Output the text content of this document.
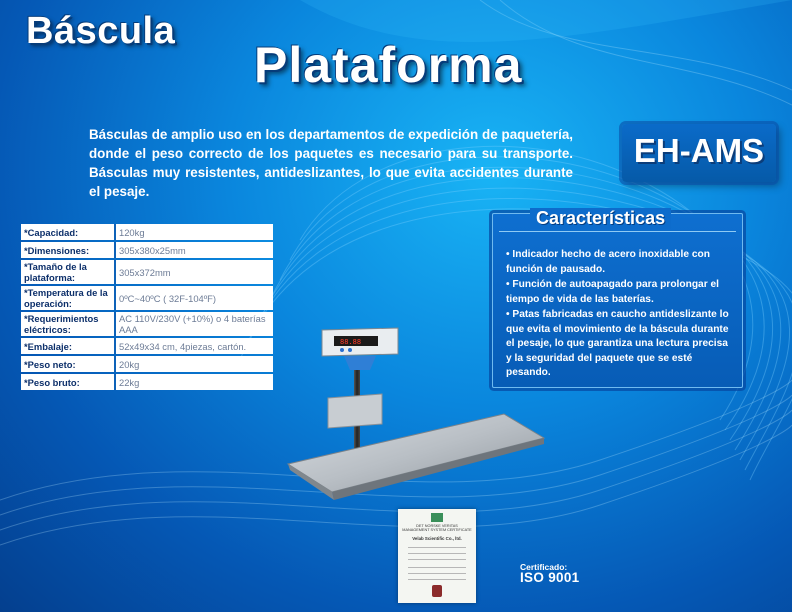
Báscula
Plataforma

Básculas de amplio uso en los departamentos de expedición de paquetería, donde el peso correcto de los paquetes es necesario para su transporte. Básculas muy resistentes, antideslizantes, lo que evita accidentes durante el pesaje.

EH-AMS
*Capacidad:	120kg
*Dimensiones:	305x380x25mm
*Tamaño de la plataforma:	305x372mm
*Temperatura de la operación:	0ºC~40ºC ( 32F-104ºF)
*Requerimientos eléctricos:	AC 110V/230V (+10%) o 4 baterías AAA
*Embalaje:	52x49x34 cm, 4piezas, cartón.
*Peso neto:	20kg
*Peso bruto:	22kg
88.88
Características
• Indicador hecho de acero inoxidable con función de pausado.
• Función de autoapagado para prolongar el tiempo de vida de las baterías.
• Patas fabricadas en caucho antideslizante lo que evita el movimiento de la báscula durante el pesaje, lo que garantiza una lectura precisa y la seguridad del paquete que se esté pesando.
DET NORSKE VERITAS
MANAGEMENT SYSTEM CERTIFICATE
Velab Scientific Co., ltd.
Certificado:
ISO 9001
